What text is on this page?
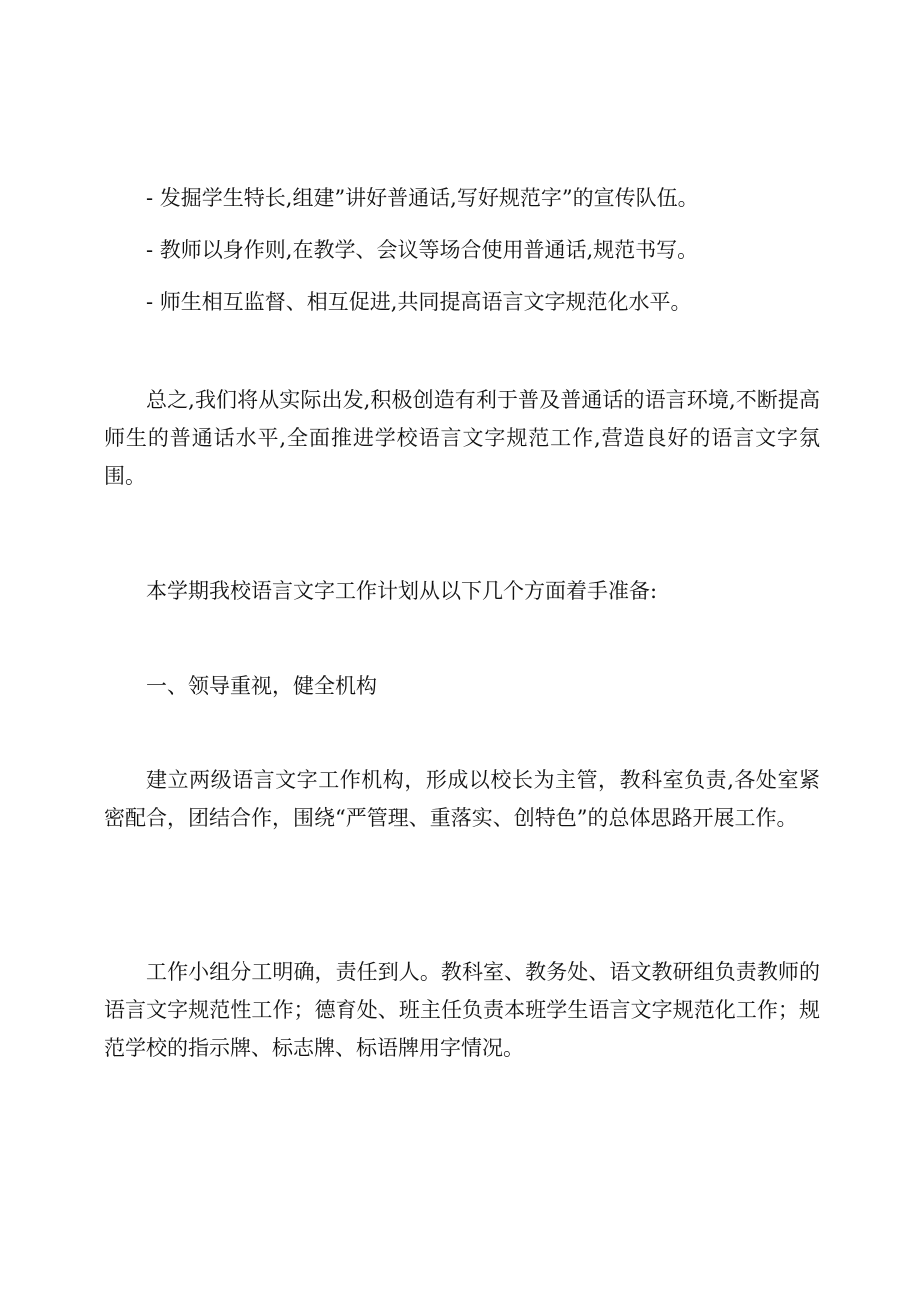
- 发掘学生特长,组建”讲好普通话,写好规范字”的宣传队伍。
- 教师以身作则,在教学、会议等场合使用普通话,规范书写。
- 师生相互监督、相互促进,共同提高语言文字规范化水平。

总之,我们将从实际出发,积极创造有利于普及普通话的语言环境,不断提高师生的普通话水平,全面推进学校语言文字规范工作,营造良好的语言文字氛围。

本学期我校语言文字工作计划从以下几个方面着手准备:

一、领导重视，健全机构

建立两级语言文字工作机构，形成以校长为主管，教科室负责,各处室紧密配合，团结合作，围绕“严管理、重落实、创特色”的总体思路开展工作。

工作小组分工明确，责任到人。教科室、教务处、语文教研组负责教师的语言文字规范性工作；德育处、班主任负责本班学生语言文字规范化工作；规范学校的指示牌、标志牌、标语牌用字情况。
